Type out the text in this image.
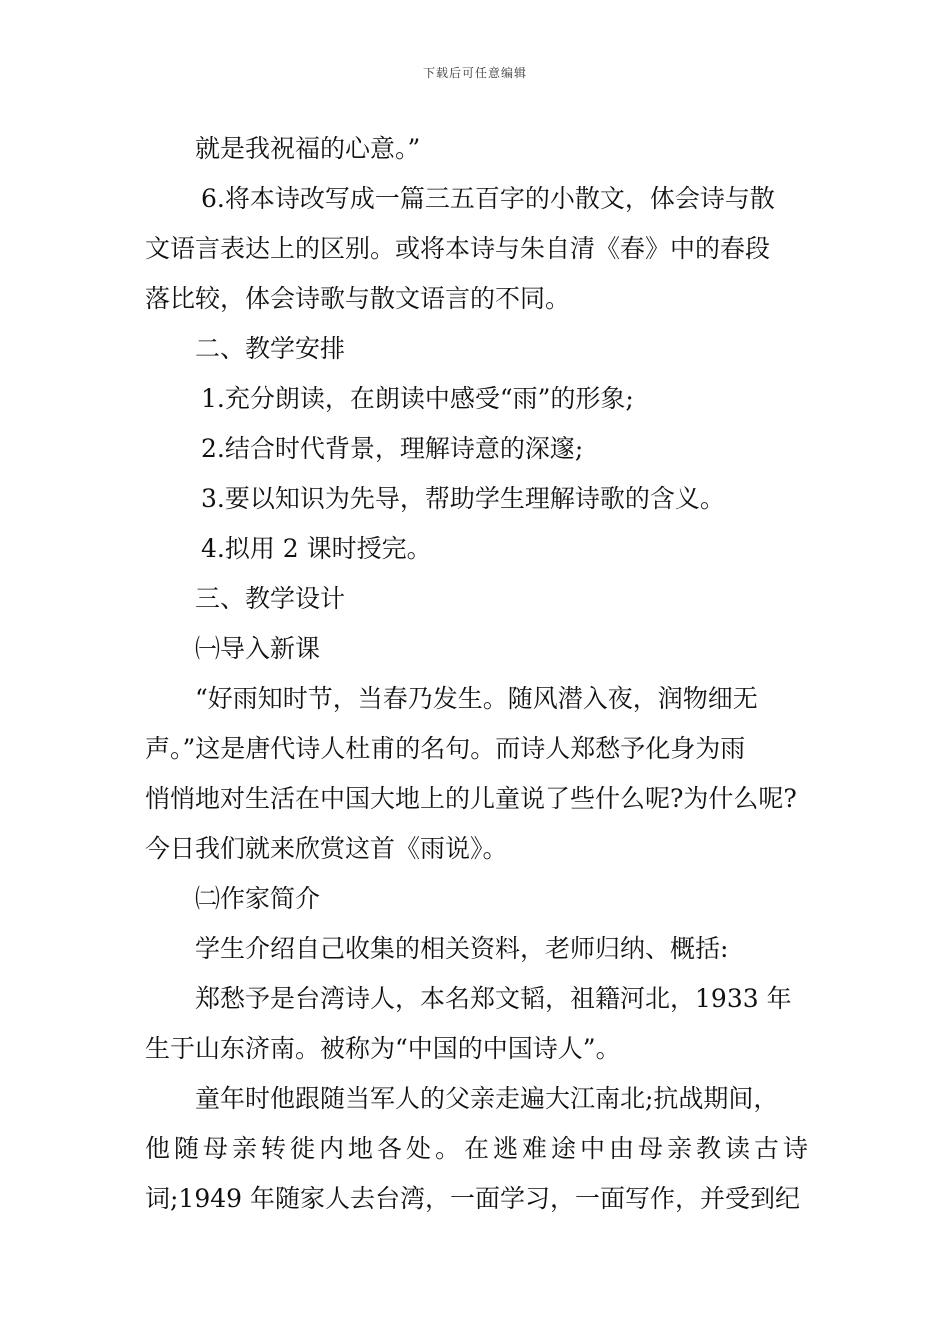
下载后可任意编辑
就是我祝福的心意。”
6.将本诗改写成一篇三五百字的小散文，体会诗与散
文语言表达上的区别。或将本诗与朱自清《春》中的春段
落比较，体会诗歌与散文语言的不同。
二、教学安排
1.充分朗读，在朗读中感受“雨”的形象;
2.结合时代背景，理解诗意的深邃;
3.要以知识为先导，帮助学生理解诗歌的含义。
4.拟用 2 课时授完。
三、教学设计
㈠导入新课
“好雨知时节，当春乃发生。随风潜入夜，润物细无
声。”这是唐代诗人杜甫的名句。而诗人郑愁予化身为雨
悄悄地对生活在中国大地上的儿童说了些什么呢?为什么呢?
今日我们就来欣赏这首《雨说》。
㈡作家简介
学生介绍自己收集的相关资料，老师归纳、概括:
郑愁予是台湾诗人，本名郑文韬，祖籍河北，1933 年
生于山东济南。被称为“中国的中国诗人”。
童年时他跟随当军人的父亲走遍大江南北;抗战期间，
他随母亲转徙内地各处。在逃难途中由母亲教读古诗
词;1949 年随家人去台湾，一面学习，一面写作，并受到纪
